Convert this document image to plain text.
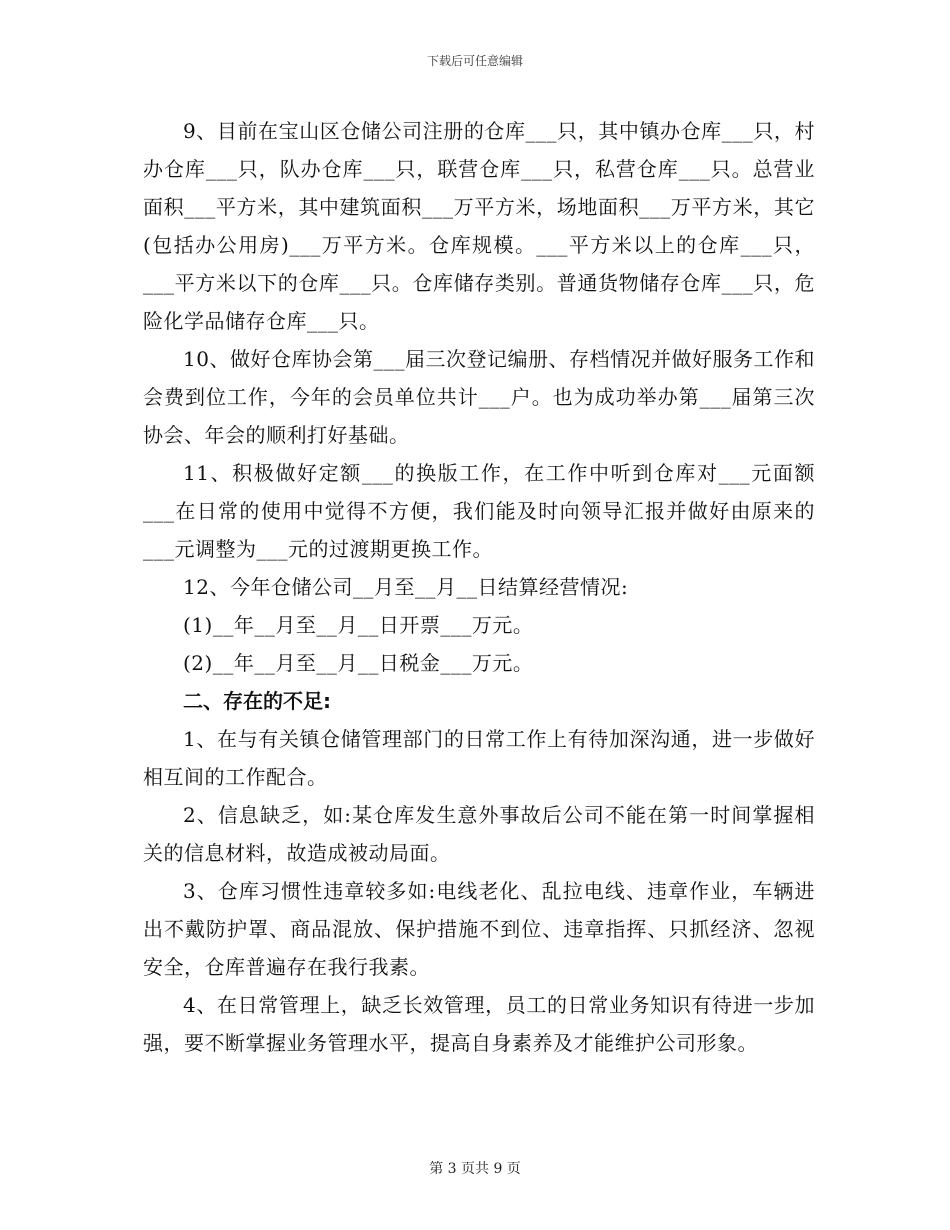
下载后可任意编辑

9、目前在宝山区仓储公司注册的仓库___只，其中镇办仓库___只，村办仓库___只，队办仓库___只，联营仓库___只，私营仓库___只。总营业面积___平方米，其中建筑面积___万平方米，场地面积___万平方米，其它(包括办公用房)___万平方米。仓库规模。___平方米以上的仓库___只，___平方米以下的仓库___只。仓库储存类别。普通货物储存仓库___只，危险化学品储存仓库___只。

10、做好仓库协会第___届三次登记编册、存档情况并做好服务工作和会费到位工作，今年的会员单位共计___户。也为成功举办第___届第三次协会、年会的顺利打好基础。

11、积极做好定额___的换版工作，在工作中听到仓库对___元面额___在日常的使用中觉得不方便，我们能及时向领导汇报并做好由原来的___元调整为___元的过渡期更换工作。

12、今年仓储公司__月至__月__日结算经营情况:

(1)__年__月至__月__日开票___万元。

(2)__年__月至__月__日税金___万元。

二、存在的不足:

1、在与有关镇仓储管理部门的日常工作上有待加深沟通，进一步做好相互间的工作配合。

2、信息缺乏，如:某仓库发生意外事故后公司不能在第一时间掌握相关的信息材料，故造成被动局面。

3、仓库习惯性违章较多如:电线老化、乱拉电线、违章作业，车辆进出不戴防护罩、商品混放、保护措施不到位、违章指挥、只抓经济、忽视安全，仓库普遍存在我行我素。

4、在日常管理上，缺乏长效管理，员工的日常业务知识有待进一步加强，要不断掌握业务管理水平，提高自身素养及才能维护公司形象。

第 3 页共 9 页
